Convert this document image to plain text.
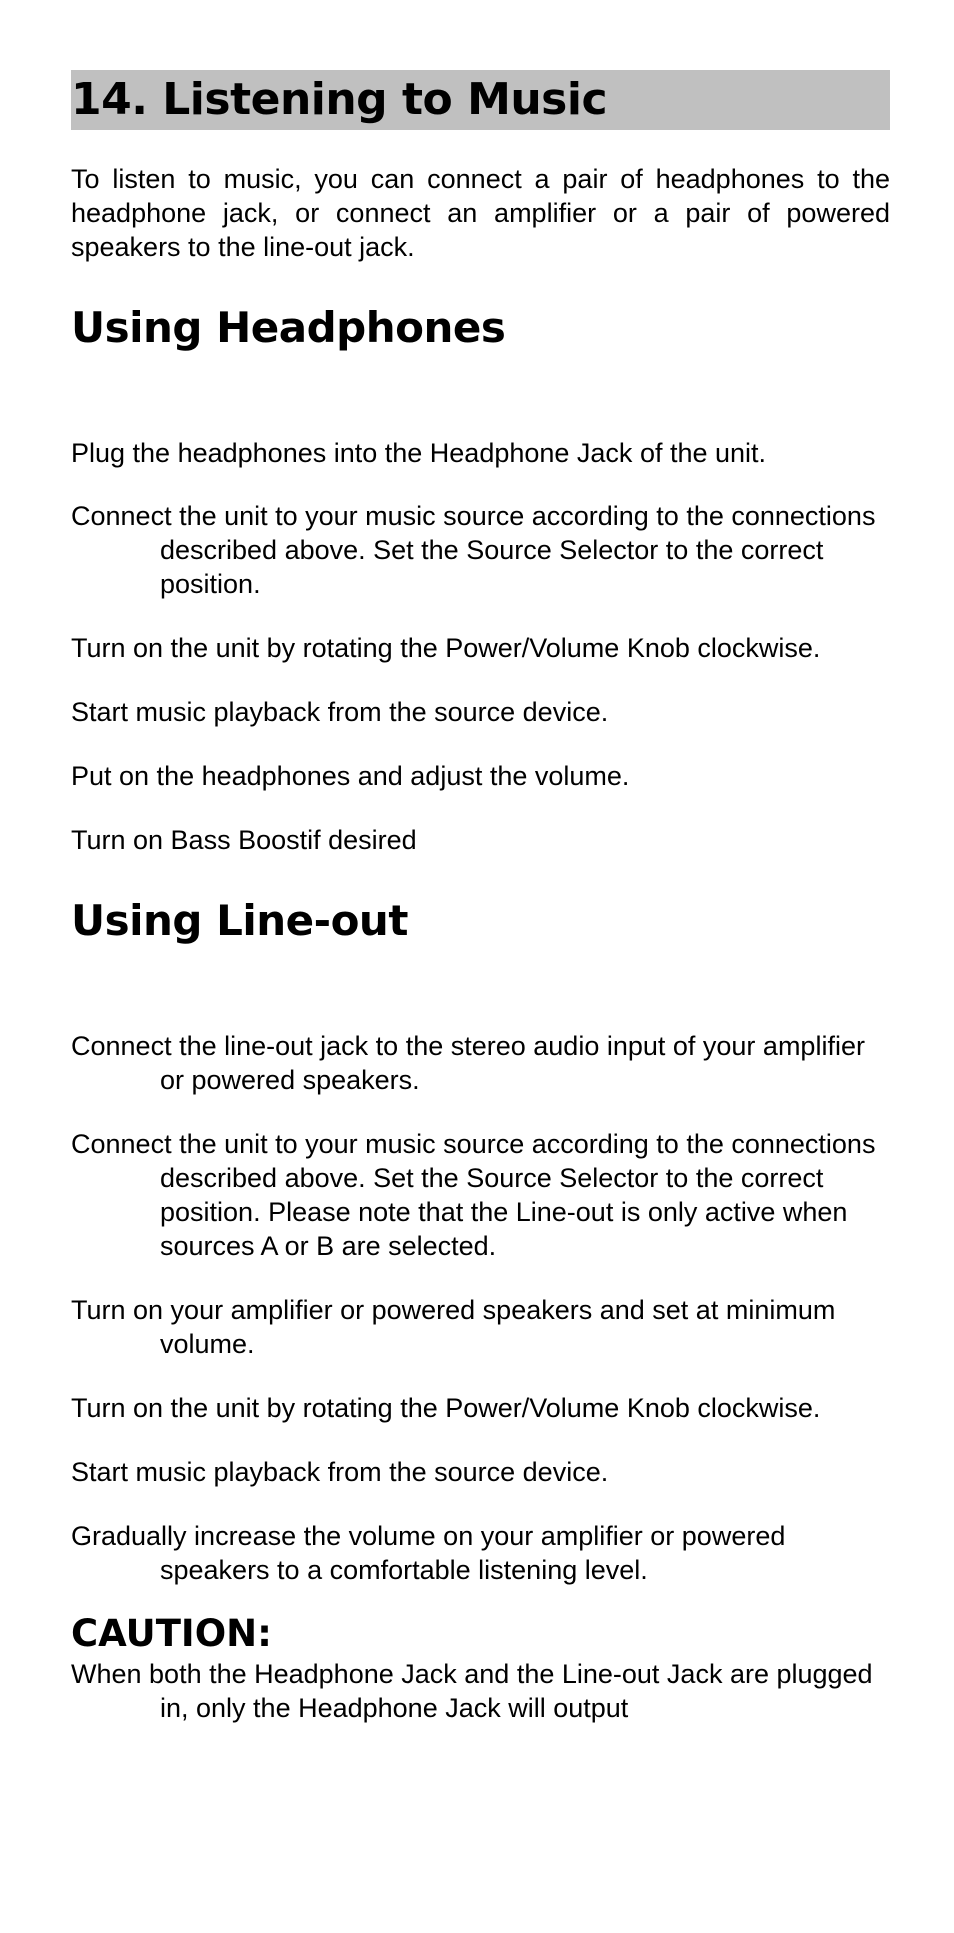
14. Listening to Music

To listen to music, you can connect a pair of headphones to the headphone jack, or connect an amplifier or a pair of powered speakers to the line-out jack.

Using Headphones
Plug the headphones into the Headphone Jack of the unit.
Connect the unit to your music source according to the connections described above. Set the Source Selector to the correct position.
Turn on the unit by rotating the Power/Volume Knob clockwise.
Start music playback from the source device.
Put on the headphones and adjust the volume.
Turn on Bass Boostif desired
Using Line-out
Connect the line-out jack to the stereo audio input of your amplifier or powered speakers.
Connect the unit to your music source according to the connections described above. Set the Source Selector to the correct position. Please note that the Line-out is only active when sources A or B are selected.
Turn on your amplifier or powered speakers and set at minimum volume.
Turn on the unit by rotating the Power/Volume Knob clockwise.
Start music playback from the source device.
Gradually increase the volume on your amplifier or powered speakers to a comfortable listening level.
CAUTION:

When both the Headphone Jack and the Line-out Jack are plugged in, only the Headphone Jack will output
